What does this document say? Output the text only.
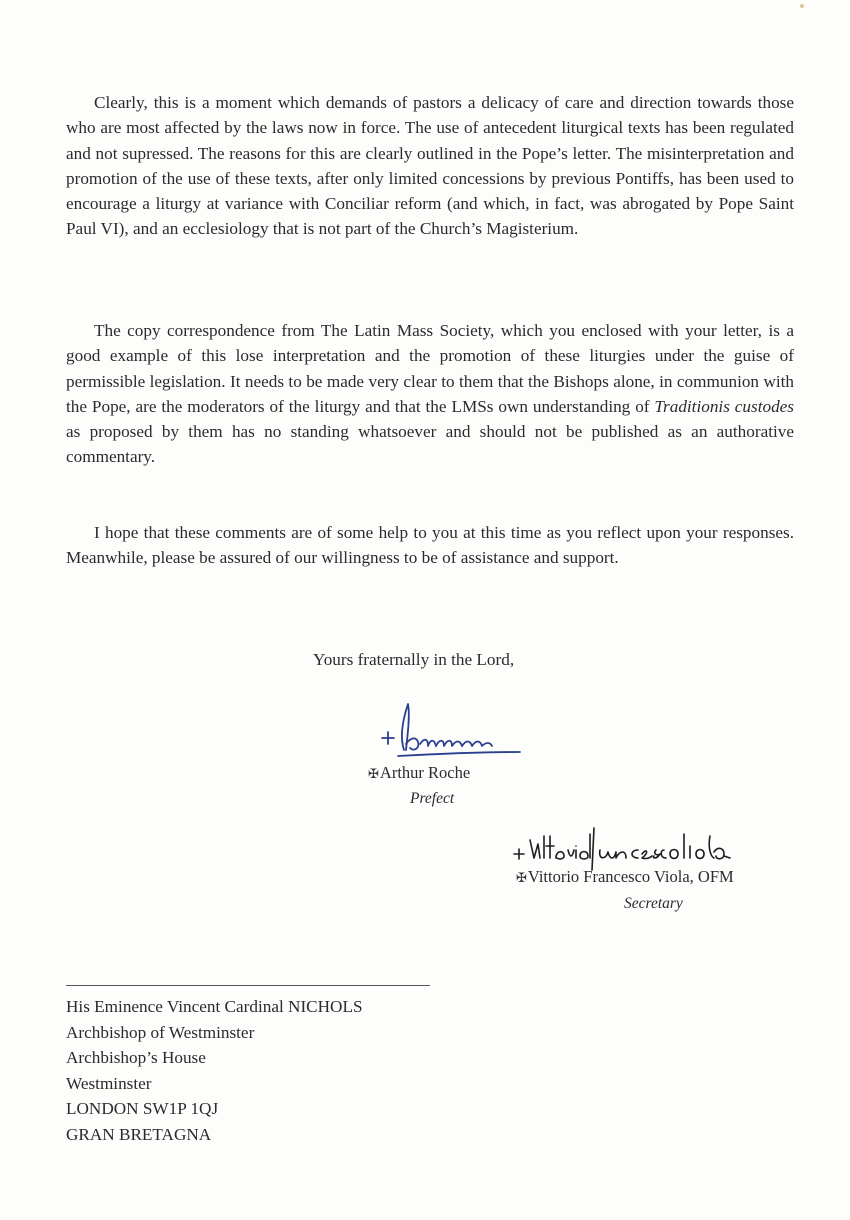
Clearly, this is a moment which demands of pastors a delicacy of care and direction towards those who are most affected by the laws now in force. The use of antecedent liturgical texts has been regulated and not supressed. The reasons for this are clearly outlined in the Pope’s letter. The misinterpretation and promotion of the use of these texts, after only limited concessions by previous Pontiffs, has been used to encourage a liturgy at variance with Conciliar reform (and which, in fact, was abrogated by Pope Saint Paul VI), and an ecclesiology that is not part of the Church’s Magisterium.

The copy correspondence from The Latin Mass Society, which you enclosed with your letter, is a good example of this lose interpretation and the promotion of these liturgies under the guise of permissible legislation. It needs to be made very clear to them that the Bishops alone, in communion with the Pope, are the moderators of the liturgy and that the LMSs own understanding of Traditionis custodes as proposed by them has no standing whatsoever and should not be published as an authorative commentary.

I hope that these comments are of some help to you at this time as you reflect upon your responses. Meanwhile, please be assured of our willingness to be of assistance and support.

Yours fraternally in the Lord,
✠Arthur Roche
Prefect
✠Vittorio Francesco Viola, OFM
Secretary
His Eminence Vincent Cardinal NICHOLS
Archbishop of Westminster
Archbishop’s House
Westminster
LONDON SW1P 1QJ
GRAN BRETAGNA
